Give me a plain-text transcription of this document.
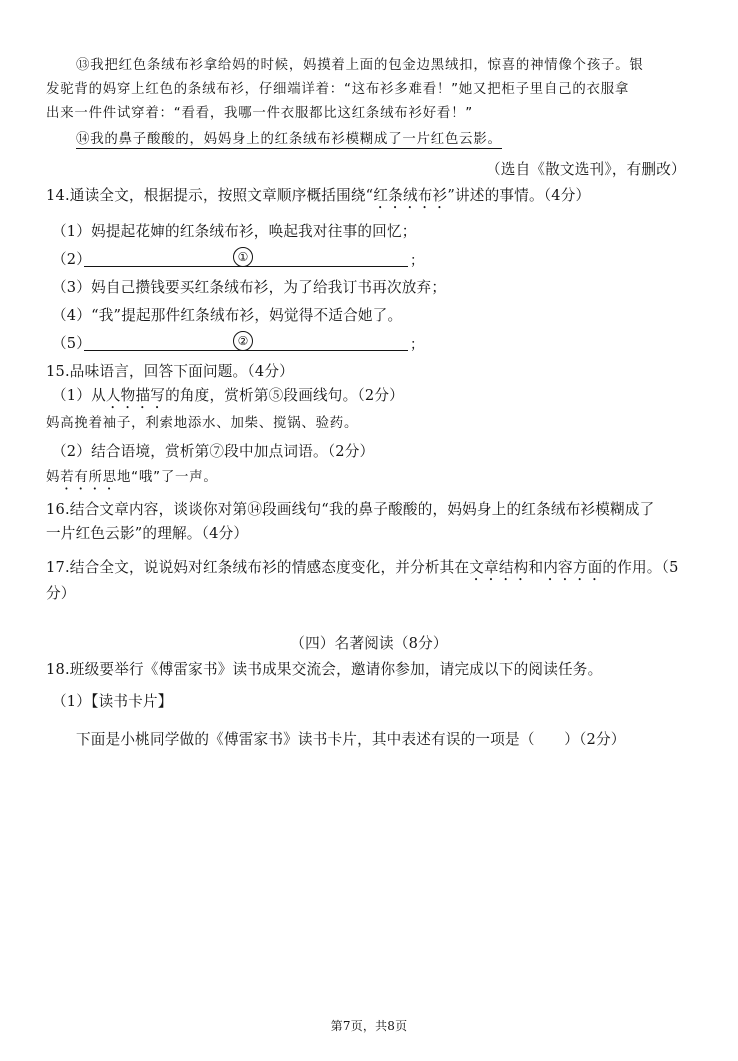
⑬我把红色条绒布衫拿给妈的时候，妈摸着上面的包金边黑绒扣，惊喜的神情像个孩子。银
发驼背的妈穿上红色的条绒布衫，仔细端详着：“这布衫多难看！”她又把柜子里自己的衣服拿
出来一件件试穿着：“看看，我哪一件衣服都比这红条绒布衫好看！”
⑭我的鼻子酸酸的，妈妈身上的红条绒布衫模糊成了一片红色云影。
（选自《散文选刊》，有删改）
14.通读全文，根据提示，按照文章顺序概括围绕“红条绒布衫”讲述的事情。（4分）
（1）妈提起花婶的红条绒布衫，唤起我对往事的回忆；
（2）	①	；
（3）妈自己攒钱要买红条绒布衫，为了给我订书再次放弃；
（4）“我”提起那件红条绒布衫，妈觉得不适合她了。
（5）	②	；
15.品味语言，回答下面问题。（4分）
（1）从人物描写的角度，赏析第⑤段画线句。（2分）
妈高挽着袖子，利索地添水、加柴、搅锅、验药。
（2）结合语境，赏析第⑦段中加点词语。（2分）
妈若有所思地“哦”了一声。
16.结合文章内容，谈谈你对第⑭段画线句“我的鼻子酸酸的，妈妈身上的红条绒布衫模糊成了
一片红色云影”的理解。（4分）
17.结合全文，说说妈对红条绒布衫的情感态度变化，并分析其在文章结构和内容方面的作用。（5
分）
（四）名著阅读（8分）
18.班级要举行《傅雷家书》读书成果交流会，邀请你参加，请完成以下的阅读任务。
（1）【读书卡片】
下面是小桃同学做的《傅雷家书》读书卡片，其中表述有误的一项是（　　）（2分）
第7页，共8页
